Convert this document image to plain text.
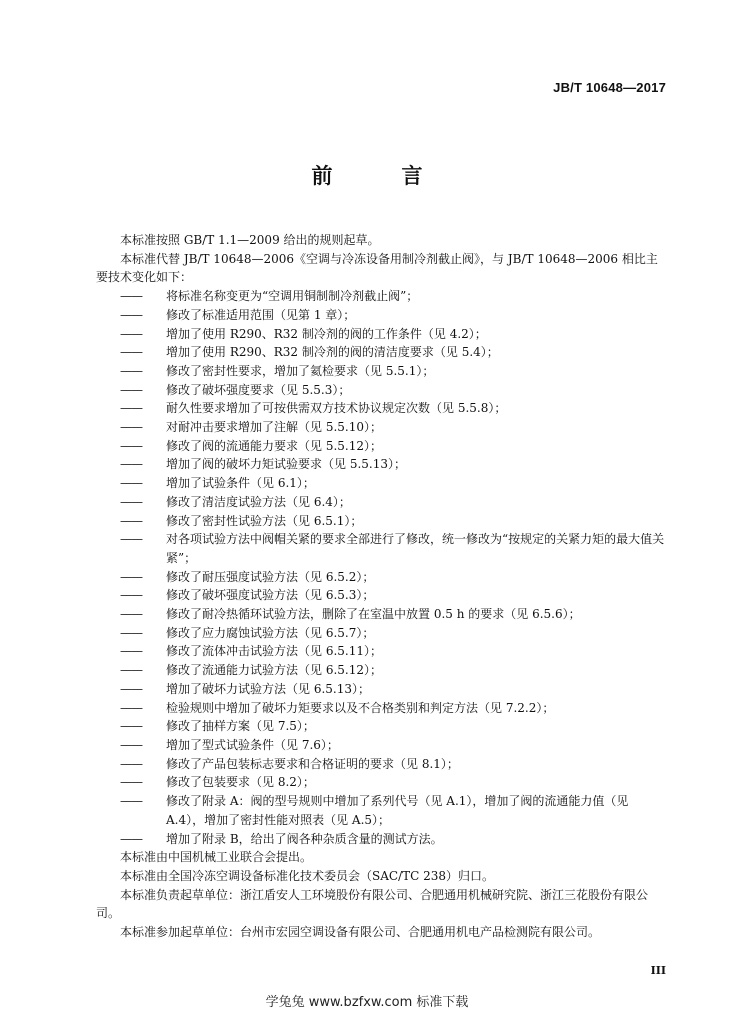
JB/T 10648—2017
前　言

本标准按照 GB/T 1.1—2009 给出的规则起草。

本标准代替 JB/T 10648—2006《空调与冷冻设备用制冷剂截止阀》，与 JB/T 10648—2006 相比主要技术变化如下：

—— 将标准名称变更为“空调用铜制制冷剂截止阀”；

—— 修改了标准适用范围（见第 1 章）；

—— 增加了使用 R290、R32 制冷剂的阀的工作条件（见 4.2）；

—— 增加了使用 R290、R32 制冷剂的阀的清洁度要求（见 5.4）；

—— 修改了密封性要求，增加了氦检要求（见 5.5.1）；

—— 修改了破坏强度要求（见 5.5.3）；

—— 耐久性要求增加了可按供需双方技术协议规定次数（见 5.5.8）；

—— 对耐冲击要求增加了注解（见 5.5.10）；

—— 修改了阀的流通能力要求（见 5.5.12）；

—— 增加了阀的破坏力矩试验要求（见 5.5.13）；

—— 增加了试验条件（见 6.1）；

—— 修改了清洁度试验方法（见 6.4）；

—— 修改了密封性试验方法（见 6.5.1）；

—— 对各项试验方法中阀帽关紧的要求全部进行了修改，统一修改为“按规定的关紧力矩的最大值关紧”；

—— 修改了耐压强度试验方法（见 6.5.2）；

—— 修改了破坏强度试验方法（见 6.5.3）；

—— 修改了耐冷热循环试验方法，删除了在室温中放置 0.5 h 的要求（见 6.5.6）；

—— 修改了应力腐蚀试验方法（见 6.5.7）；

—— 修改了流体冲击试验方法（见 6.5.11）；

—— 修改了流通能力试验方法（见 6.5.12）；

—— 增加了破坏力试验方法（见 6.5.13）；

—— 检验规则中增加了破坏力矩要求以及不合格类别和判定方法（见 7.2.2）；

—— 修改了抽样方案（见 7.5）；

—— 增加了型式试验条件（见 7.6）；

—— 修改了产品包装标志要求和合格证明的要求（见 8.1）；

—— 修改了包装要求（见 8.2）；

—— 修改了附录 A：阀的型号规则中增加了系列代号（见 A.1），增加了阀的流通能力值（见 A.4），增加了密封性能对照表（见 A.5）；

—— 增加了附录 B，给出了阀各种杂质含量的测试方法。

本标准由中国机械工业联合会提出。

本标准由全国冷冻空调设备标准化技术委员会（SAC/TC 238）归口。

本标准负责起草单位：浙江盾安人工环境股份有限公司、合肥通用机械研究院、浙江三花股份有限公司。

本标准参加起草单位：台州市宏园空调设备有限公司、合肥通用机电产品检测院有限公司。

III
学兔兔 www.bzfxw.com 标准下载
